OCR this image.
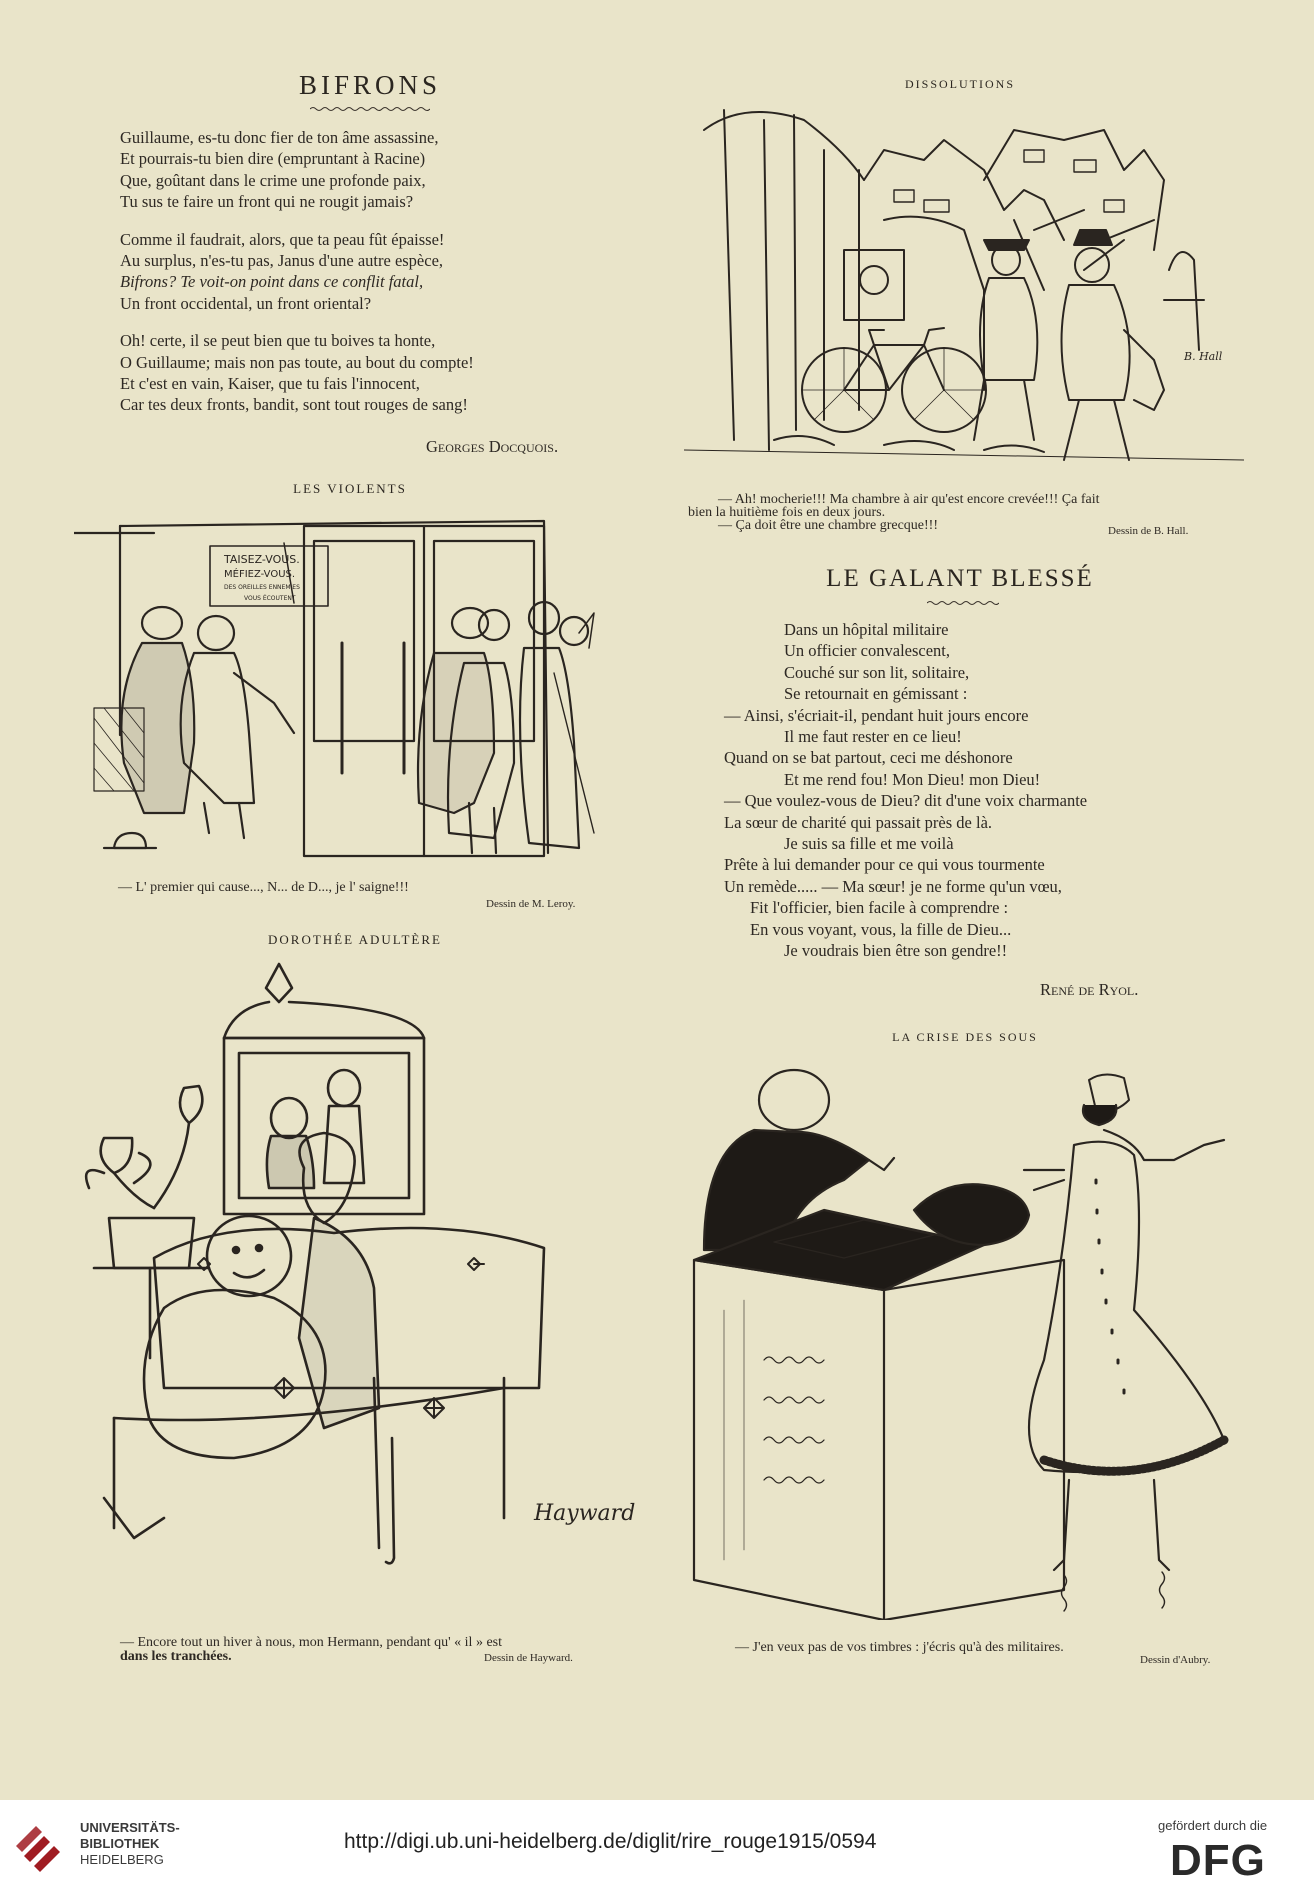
BIFRONS

Guillaume, es-tu donc fier de ton âme assassine,

Et pourrais-tu bien dire (empruntant à Racine)

Que, goûtant dans le crime une profonde paix,

Tu sus te faire un front qui ne rougit jamais?

Comme il faudrait, alors, que ta peau fût épaisse!

Au surplus, n'es-tu pas, Janus d'une autre espèce,

Bifrons? Te voit-on point dans ce conflit fatal,

Un front occidental, un front oriental?

Oh! certe, il se peut bien que tu boives ta honte,

O Guillaume; mais non pas toute, au bout du compte!

Et c'est en vain, Kaiser, que tu fais l'innocent,

Car tes deux fronts, bandit, sont tout rouges de sang!

Georges Docquois.
LES VIOLENTS
TAISEZ-VOUS.
MÉFIEZ-VOUS.
DES OREILLES ENNEMIES
VOUS ÉCOUTENT
— L' premier qui cause..., N... de D..., je l' saigne!!!
Dessin de M. Leroy.
DOROTHÉE ADULTÈRE
Hayward
— Encore tout un hiver à nous, mon Hermann, pendant qu' « il » est
dans les tranchées.	Dessin de Hayward.
DISSOLUTIONS
B. Hall
— Ah! mocherie!!! Ma chambre à air qu'est encore crevée!!! Ça fait
bien la huitième fois en deux jours.
— Ça doit être une chambre grecque!!!	Dessin de B. Hall.
LE GALANT BLESSÉ

Dans un hôpital militaire

Un officier convalescent,

Couché sur son lit, solitaire,

Se retournait en gémissant :

— Ainsi, s'écriait-il, pendant huit jours encore

Il me faut rester en ce lieu!

Quand on se bat partout, ceci me déshonore

Et me rend fou! Mon Dieu! mon Dieu!

— Que voulez-vous de Dieu? dit d'une voix charmante

La sœur de charité qui passait près de là.

Je suis sa fille et me voilà

Prête à lui demander pour ce qui vous tourmente

Un remède..... — Ma sœur! je ne forme qu'un vœu,

Fit l'officier, bien facile à comprendre :

En vous voyant, vous, la fille de Dieu...

Je voudrais bien être son gendre!!

René de Ryol.
LA CRISE DES SOUS
— J'en veux pas de vos timbres : j'écris qu'à des militaires.
Dessin d'Aubry.
UNIVERSITÄTS-
BIBLIOTHEK
HEIDELBERG
http://digi.ub.uni-heidelberg.de/diglit/rire_rouge1915/0594
gefördert durch die
DFG
